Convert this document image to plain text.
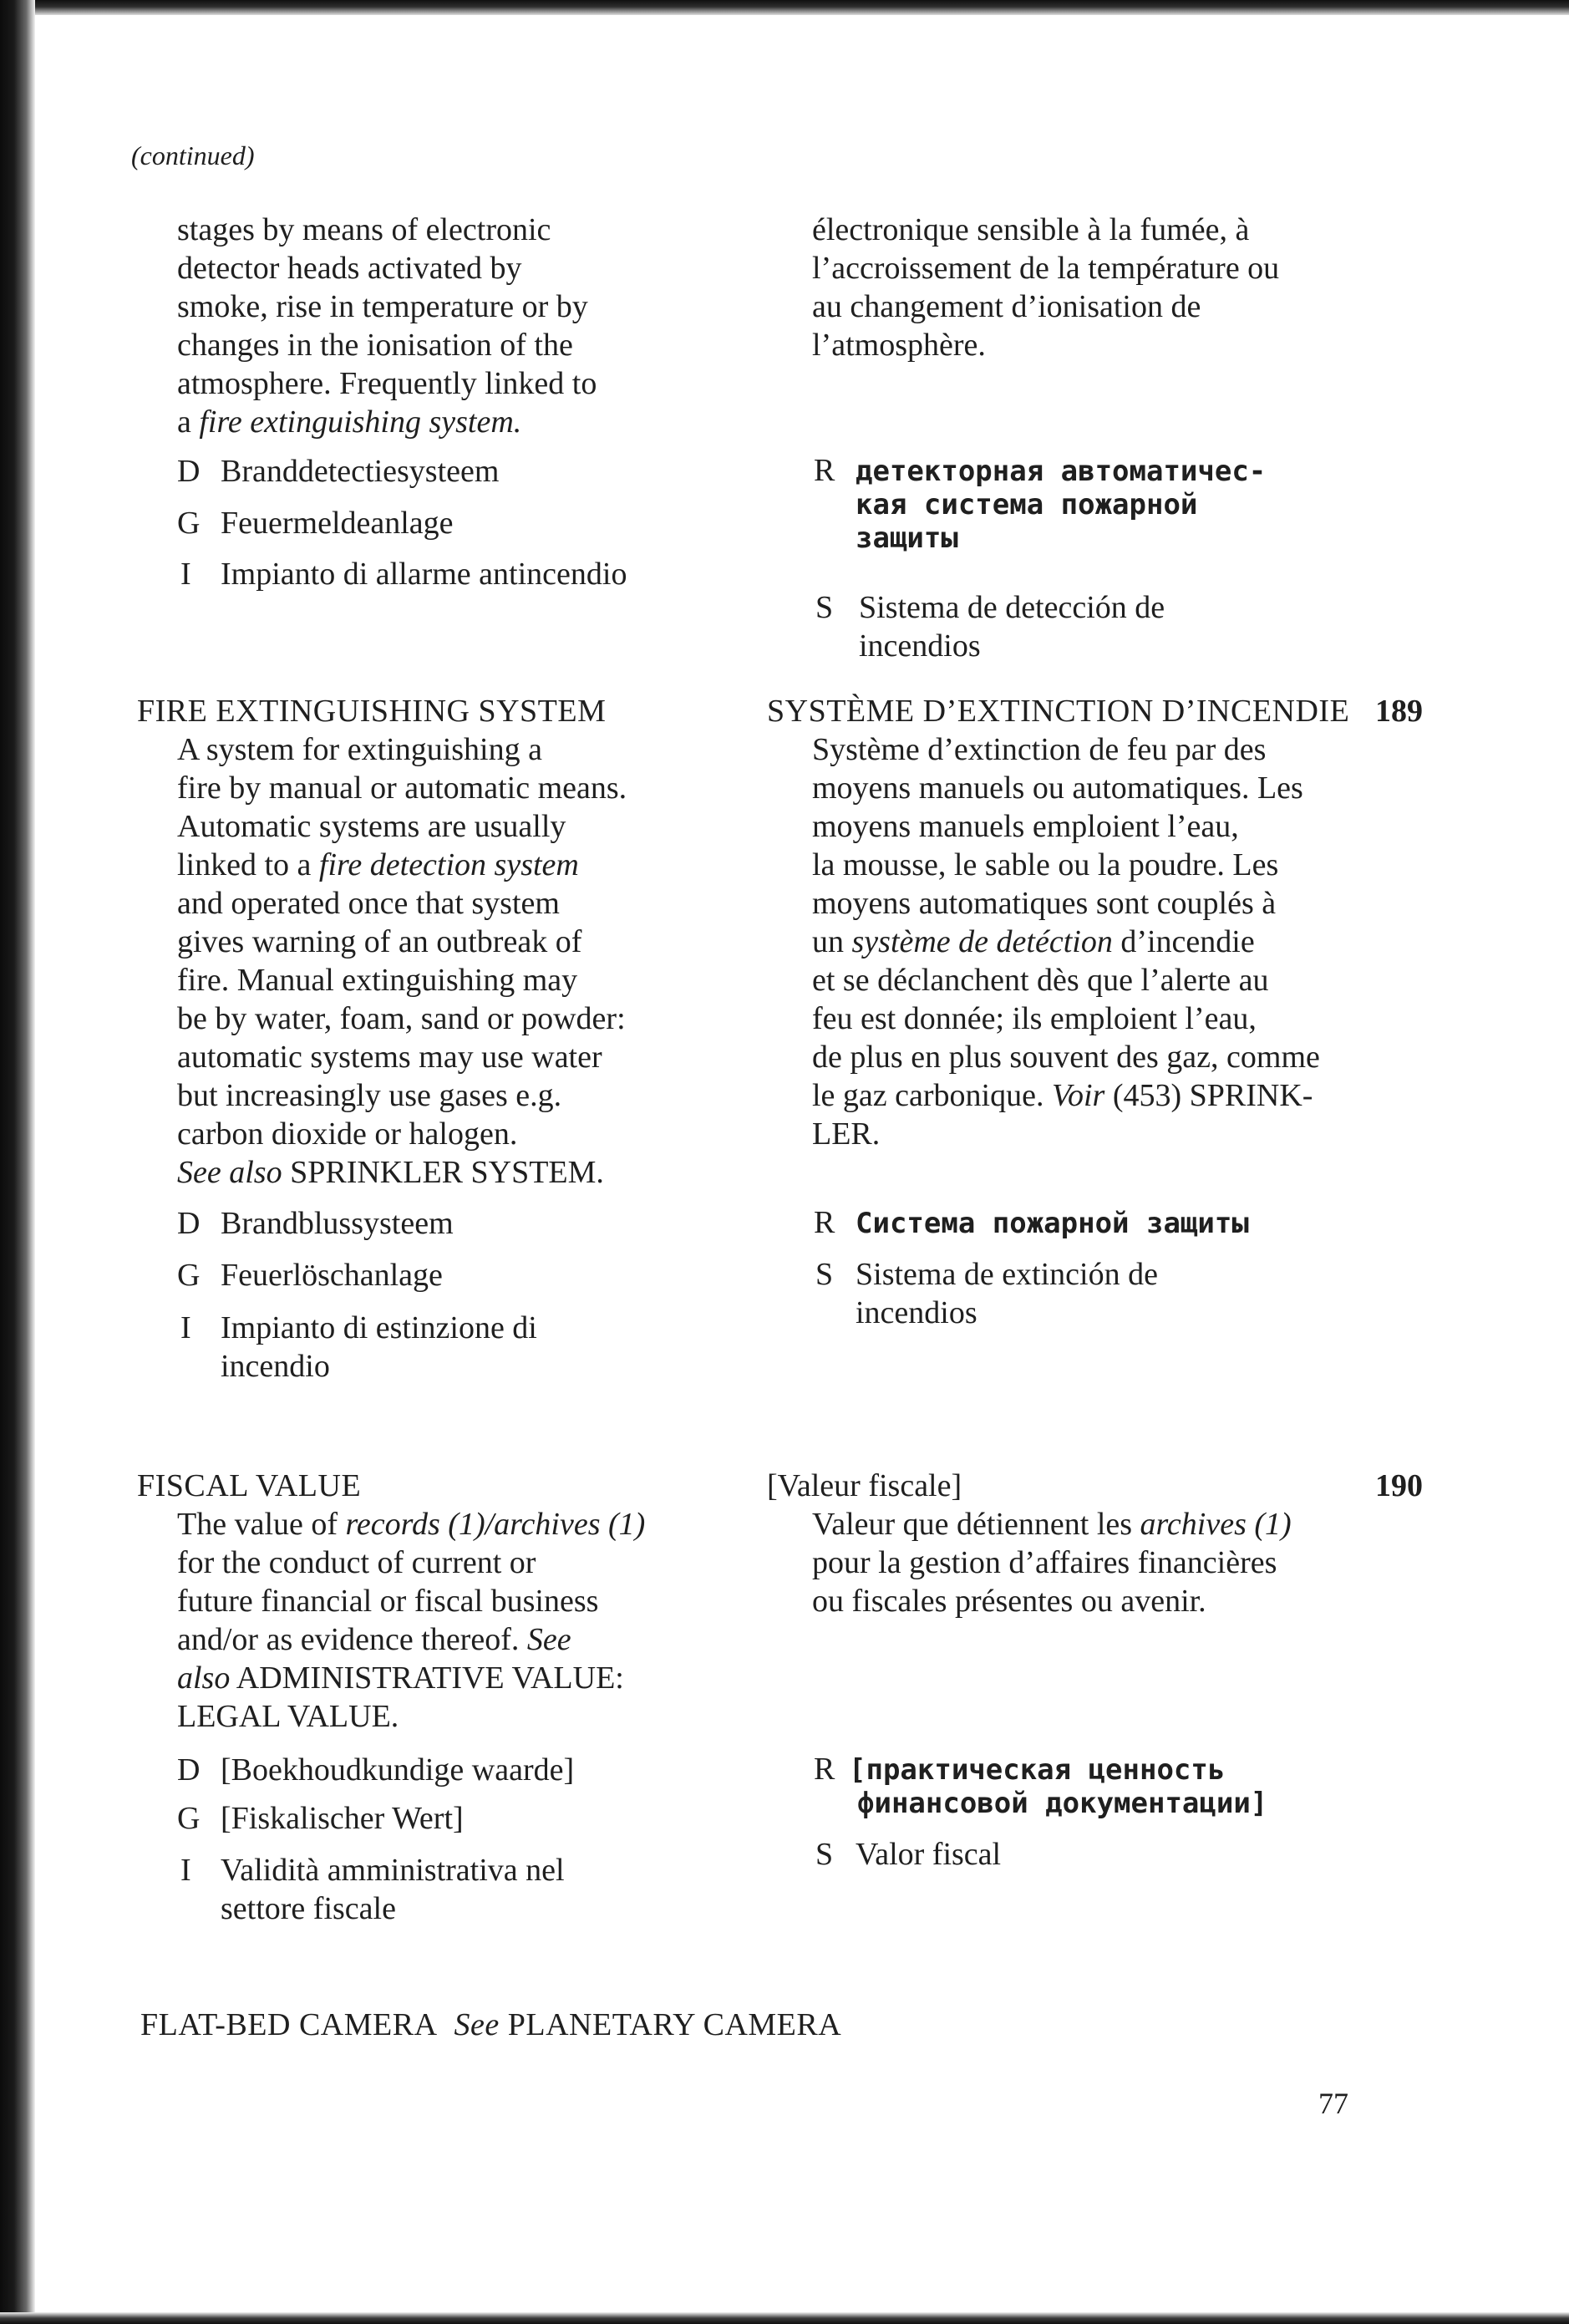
(continued)

stages by means of electronic
detector heads activated by
smoke, rise in temperature or by
changes in the ionisation of the
atmosphere. Frequently linked to
a fire extinguishing system.
électronique sensible à la fumée, à
l’accroissement de la température ou
au changement d’ionisation de
l’atmosphère.

D Branddetectiesysteem

G Feuermeldeanlage

I Impianto di allarme antincendio

R детекторная автоматичес-
кая система пожарной
защиты

S Sistema de detección de
incendios

FIRE EXTINGUISHING SYSTEM	SYSTÈME D’EXTINCTION D’INCENDIE 189

A system for extinguishing a
fire by manual or automatic means.
Automatic systems are usually
linked to a fire detection system
and operated once that system
gives warning of an outbreak of
fire. Manual extinguishing may
be by water, foam, sand or powder:
automatic systems may use water
but increasingly use gases e.g.
carbon dioxide or halogen.
See also SPRINKLER SYSTEM.
Système d’extinction de feu par des
moyens manuels ou automatiques. Les
moyens manuels emploient l’eau,
la mousse, le sable ou la poudre. Les
moyens automatiques sont couplés à
un système de detéction d’incendie
et se déclanchent dès que l’alerte au
feu est donnée; ils emploient l’eau,
de plus en plus souvent des gaz, comme
le gaz carbonique. Voir (453) SPRINK-
LER.

D Brandblussysteem

G Feuerlöschanlage

I Impianto di estinzione di
incendio

R Система пожарной защиты

S Sistema de extinción de
incendios

FISCAL VALUE	[Valeur fiscale]	190

The value of records (1)/archives (1)
for the conduct of current or
future financial or fiscal business
and/or as evidence thereof. See
also ADMINISTRATIVE VALUE:
LEGAL VALUE.
Valeur que détiennent les archives (1)
pour la gestion d’affaires financières
ou fiscales présentes ou avenir.

D [Boekhoudkundige waarde]

G [Fiskalischer Wert]

I Validità amministrativa nel
settore fiscale

R [практическая ценность
финансовой документации]

S Valor fiscal

FLAT-BED CAMERA See PLANETARY CAMERA

77
